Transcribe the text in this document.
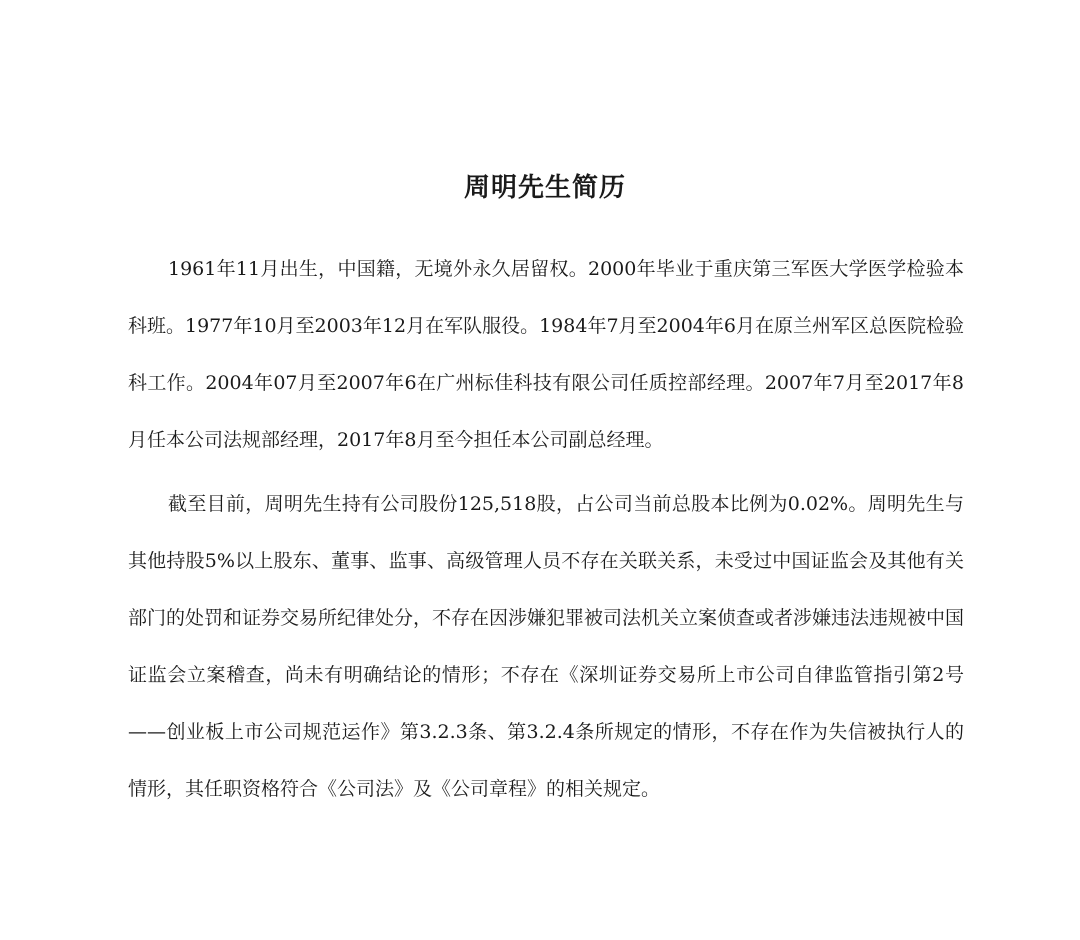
周明先生简历

1961年11月出生，中国籍，无境外永久居留权。2000年毕业于重庆第三军医大学医学检验本科班。1977年10月至2003年12月在军队服役。1984年7月至2004年6月在原兰州军区总医院检验科工作。2004年07月至2007年6在广州标佳科技有限公司任质控部经理。2007年7月至2017年8月任本公司法规部经理，2017年8月至今担任本公司副总经理。

截至目前，周明先生持有公司股份125,518股，占公司当前总股本比例为0.02%。周明先生与其他持股5%以上股东、董事、监事、高级管理人员不存在关联关系，未受过中国证监会及其他有关部门的处罚和证券交易所纪律处分，不存在因涉嫌犯罪被司法机关立案侦查或者涉嫌违法违规被中国证监会立案稽查，尚未有明确结论的情形；不存在《深圳证券交易所上市公司自律监管指引第2号——创业板上市公司规范运作》第3.2.3条、第3.2.4条所规定的情形，不存在作为失信被执行人的情形，其任职资格符合《公司法》及《公司章程》的相关规定。
